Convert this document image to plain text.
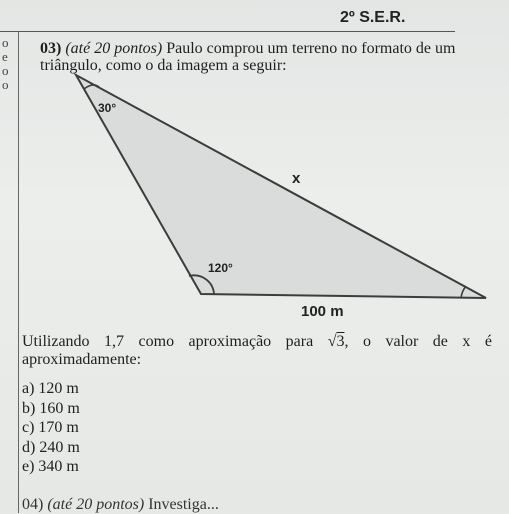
2º S.E.R.
o
e
o
o
03) (até 20 pontos) Paulo comprou um terreno no formato de um triângulo, como o da imagem a seguir:
30°
x
120°
100 m
Utilizando 1,7 como aproximação para √3, o valor de x é aproximadamente:
a) 120 m
b) 160 m
c) 170 m
d) 240 m
e) 340 m
04) (até 20 pontos) Investiga...
